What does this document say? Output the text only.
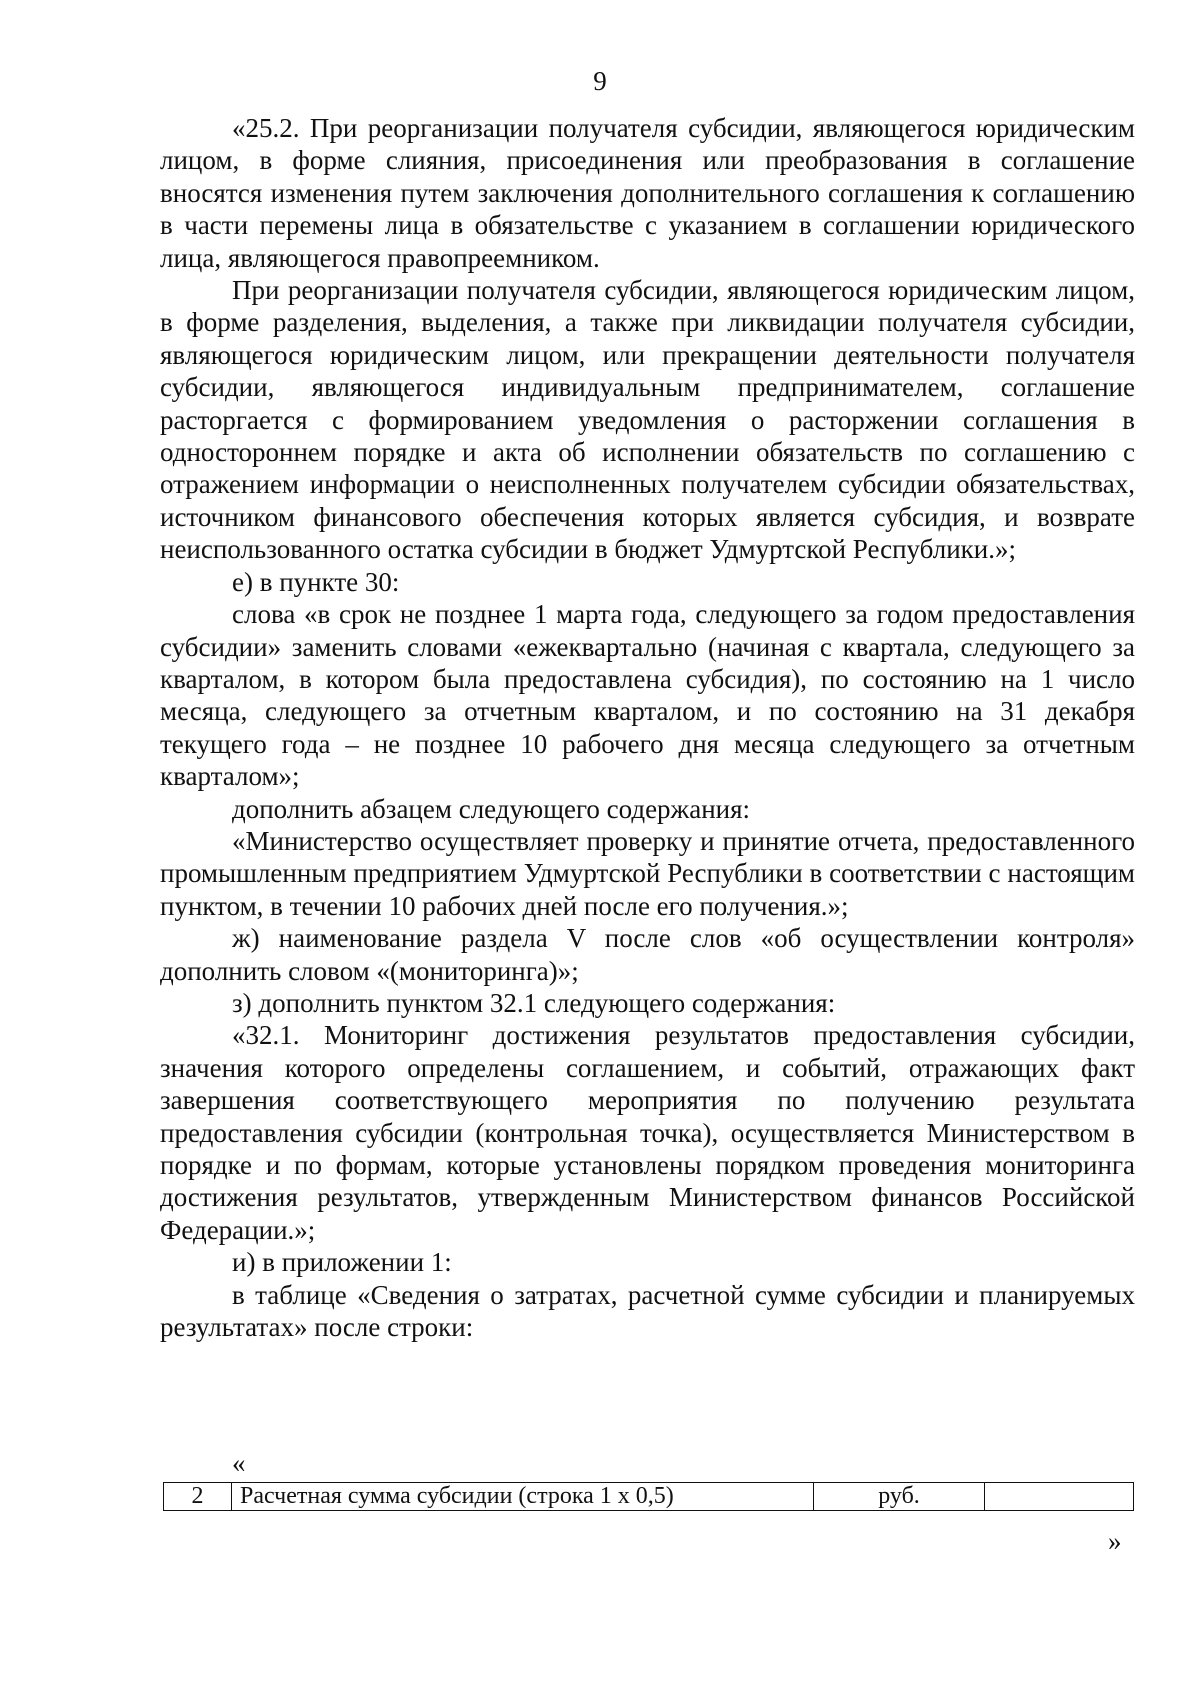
9

«25.2. При реорганизации получателя субсидии, являющегося юридическим лицом, в форме слияния, присоединения или преобразования в соглашение вносятся изменения путем заключения дополнительного соглашения к соглашению в части перемены лица в обязательстве с указанием в соглашении юридического лица, являющегося правопреемником.

При реорганизации получателя субсидии, являющегося юридическим лицом, в форме разделения, выделения, а также при ликвидации получателя субсидии, являющегося юридическим лицом, или прекращении деятельности получателя субсидии, являющегося индивидуальным предпринимателем, соглашение расторгается с формированием уведомления о расторжении соглашения в одностороннем порядке и акта об исполнении обязательств по соглашению с отражением информации о неисполненных получателем субсидии обязательствах, источником финансового обеспечения которых является субсидия, и возврате неиспользованного остатка субсидии в бюджет Удмуртской Республики.»;

е) в пункте 30:

слова «в срок не позднее 1 марта года, следующего за годом предоставления субсидии» заменить словами «ежеквартально (начиная с квартала, следующего за кварталом, в котором была предоставлена субсидия), по состоянию на 1 число месяца, следующего за отчетным кварталом, и по состоянию на 31 декабря текущего года – не позднее 10 рабочего дня месяца следующего за отчетным кварталом»;

дополнить абзацем следующего содержания:

«Министерство осуществляет проверку и принятие отчета, предоставленного промышленным предприятием Удмуртской Республики в соответствии с настоящим пунктом, в течении 10 рабочих дней после его получения.»;

ж) наименование раздела V после слов «об осуществлении контроля» дополнить словом «(мониторинга)»;

з) дополнить пунктом 32.1 следующего содержания:

«32.1. Мониторинг достижения результатов предоставления субсидии, значения которого определены соглашением, и событий, отражающих факт завершения соответствующего мероприятия по получению результата предоставления субсидии (контрольная точка), осуществляется Министерством в порядке и по формам, которые установлены порядком проведения мониторинга достижения результатов, утвержденным Министерством финансов Российской Федерации.»;

и) в приложении 1:

в таблице «Сведения о затратах, расчетной сумме субсидии и планируемых результатах» после строки:

«
2	Расчетная сумма субсидии (строка 1 х 0,5)	руб.	
»
